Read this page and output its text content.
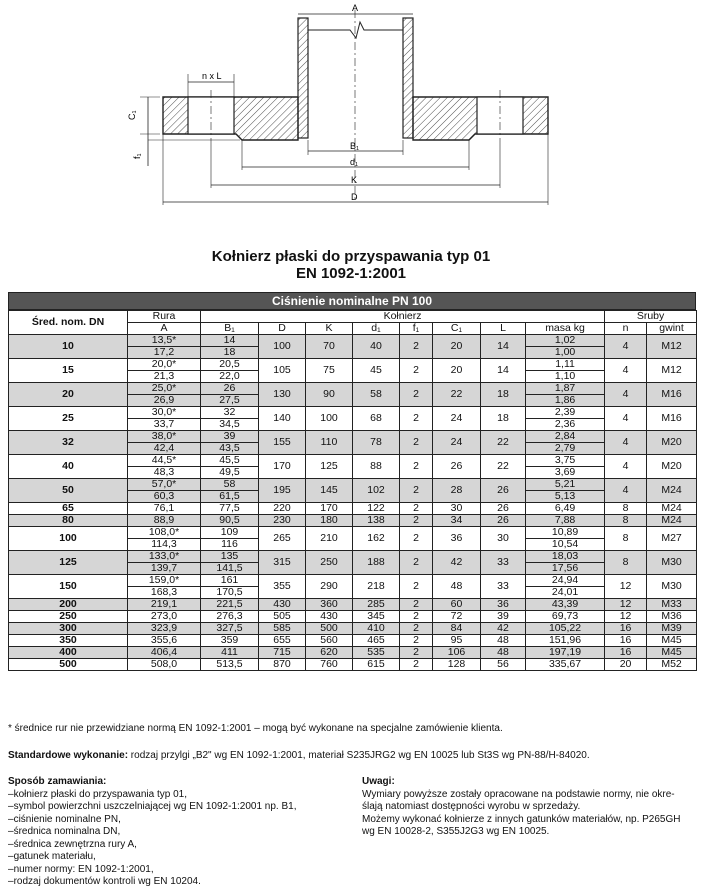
A
n x L
C₁
f₁
B₁
d₁
K
D
Kołnierz płaski do przyspawania typ 01
EN 1092-1:2001
Ciśnienie nominalne PN 100
Śred. nom. DN	Rura	Kołnierz								Śruby	
	A	B₁	D	K	d₁	f₁	C₁	L	masa kg	n	gwint
10	13,5*	14	100	70	40	2	20	14	1,02	4	M12
	17,2	18							1,00		
15	20,0*	20,5	105	75	45	2	20	14	1,11	4	M12
	21,3	22,0							1,10		
20	25,0*	26	130	90	58	2	22	18	1,87	4	M16
	26,9	27,5							1,86		
25	30,0*	32	140	100	68	2	24	18	2,39	4	M16
	33,7	34,5							2,36		
32	38,0*	39	155	110	78	2	24	22	2,84	4	M20
	42,4	43,5							2,79		
40	44,5*	45,5	170	125	88	2	26	22	3,75	4	M20
	48,3	49,5							3,69		
50	57,0*	58	195	145	102	2	28	26	5,21	4	M24
	60,3	61,5							5,13		
65	76,1	77,5	220	170	122	2	30	26	6,49	8	M24
80	88,9	90,5	230	180	138	2	34	26	7,88	8	M24
100	108,0*	109	265	210	162	2	36	30	10,89	8	M27
	114,3	116							10,54		
125	133,0*	135	315	250	188	2	42	33	18,03	8	M30
	139,7	141,5							17,56		
150	159,0*	161	355	290	218	2	48	33	24,94	12	M30
	168,3	170,5							24,01		
200	219,1	221,5	430	360	285	2	60	36	43,39	12	M33
250	273,0	276,3	505	430	345	2	72	39	69,73	12	M36
300	323,9	327,5	585	500	410	2	84	42	105,22	16	M39
350	355,6	359	655	560	465	2	95	48	151,96	16	M45
400	406,4	411	715	620	535	2	106	48	197,19	16	M45
500	508,0	513,5	870	760	615	2	128	56	335,67	20	M52
* średnice rur nie przewidziane normą EN 1092-1:2001 – mogą być wykonane na specjalne zamówienie klienta.
Standardowe wykonanie: rodzaj przylgi „B2" wg EN 1092-1:2001, materiał S235JRG2 wg EN 10025 lub St3S wg PN-88/H-84020.
Sposób zamawiania:
– kołnierz płaski do przyspawania typ 01,
– symbol powierzchni uszczelniającej wg EN 1092-1:2001 np. B1,
– ciśnienie nominalne PN,
– średnica nominalna DN,
– średnica zewnętrzna rury A,
– gatunek materiału,
– numer normy: EN 1092-1:2001,
– rodzaj dokumentów kontroli wg EN 10204.
Uwagi:
Wymiary powyższe zostały opracowane na podstawie normy, nie okre-
ślają natomiast dostępności wyrobu w sprzedaży.
Możemy wykonać kołnierze z innych gatunków materiałów, np. P265GH
wg EN 10028-2, S355J2G3 wg EN 10025.
